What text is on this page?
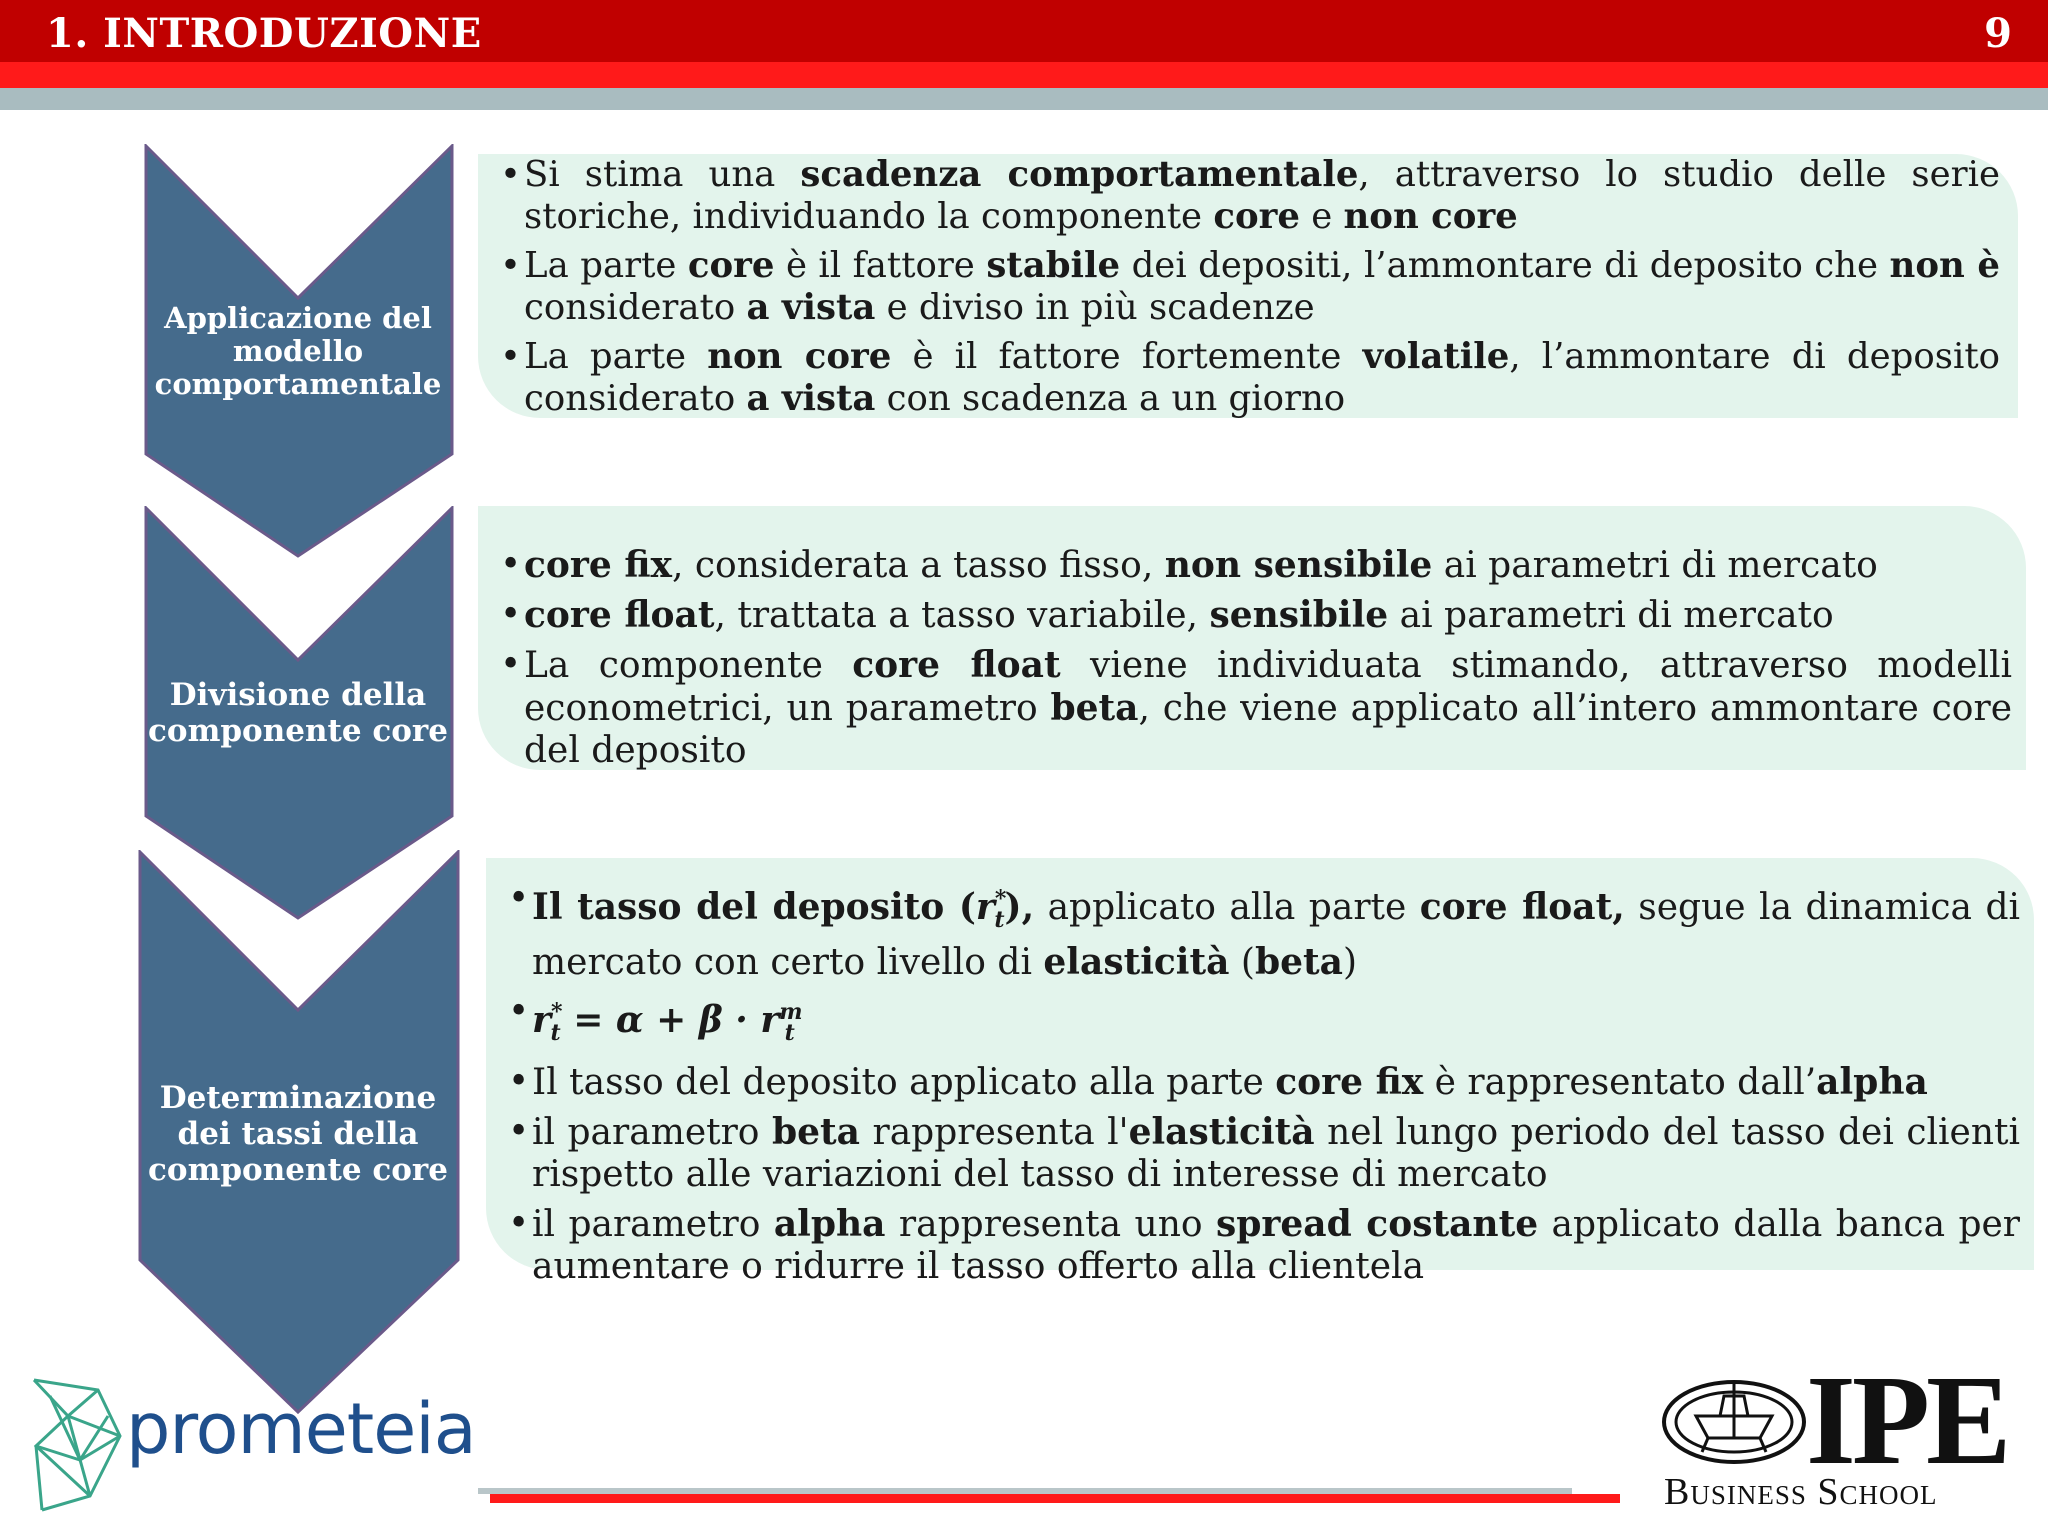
1. INTRODUZIONE	9
Applicazione del modello comportamentale
Divisione della componente core
Determinazione dei tassi della componente core
• Si stima una scadenza comportamentale, attraverso lo studio delle serie storiche, individuando la componente core e non core
• La parte core è il fattore stabile dei depositi, l’ammontare di deposito che non è considerato a vista e diviso in più scadenze
• La parte non core è il fattore fortemente volatile, l’ammontare di deposito considerato a vista con scadenza a un giorno
• core fix, considerata a tasso fisso, non sensibile ai parametri di mercato
• core float, trattata a tasso variabile, sensibile ai parametri di mercato
• La componente core float viene individuata stimando, attraverso modelli econometrici, un parametro beta, che viene applicato all’intero ammontare core del deposito
• Il tasso del deposito $(r^*_t)$, applicato alla parte core float, segue la dinamica di mercato con certo livello di elasticità (beta)
• $r^*_t = \alpha + \beta \cdot r^m_t$
• Il tasso del deposito applicato alla parte core fix è rappresentato dall’alpha
• il parametro beta rappresenta l'elasticità nel lungo periodo del tasso dei clienti rispetto alle variazioni del tasso di interesse di mercato
• il parametro alpha rappresenta uno spread costante applicato dalla banca per aumentare o ridurre il tasso offerto alla clientela
prometeia	IPE
Business School
